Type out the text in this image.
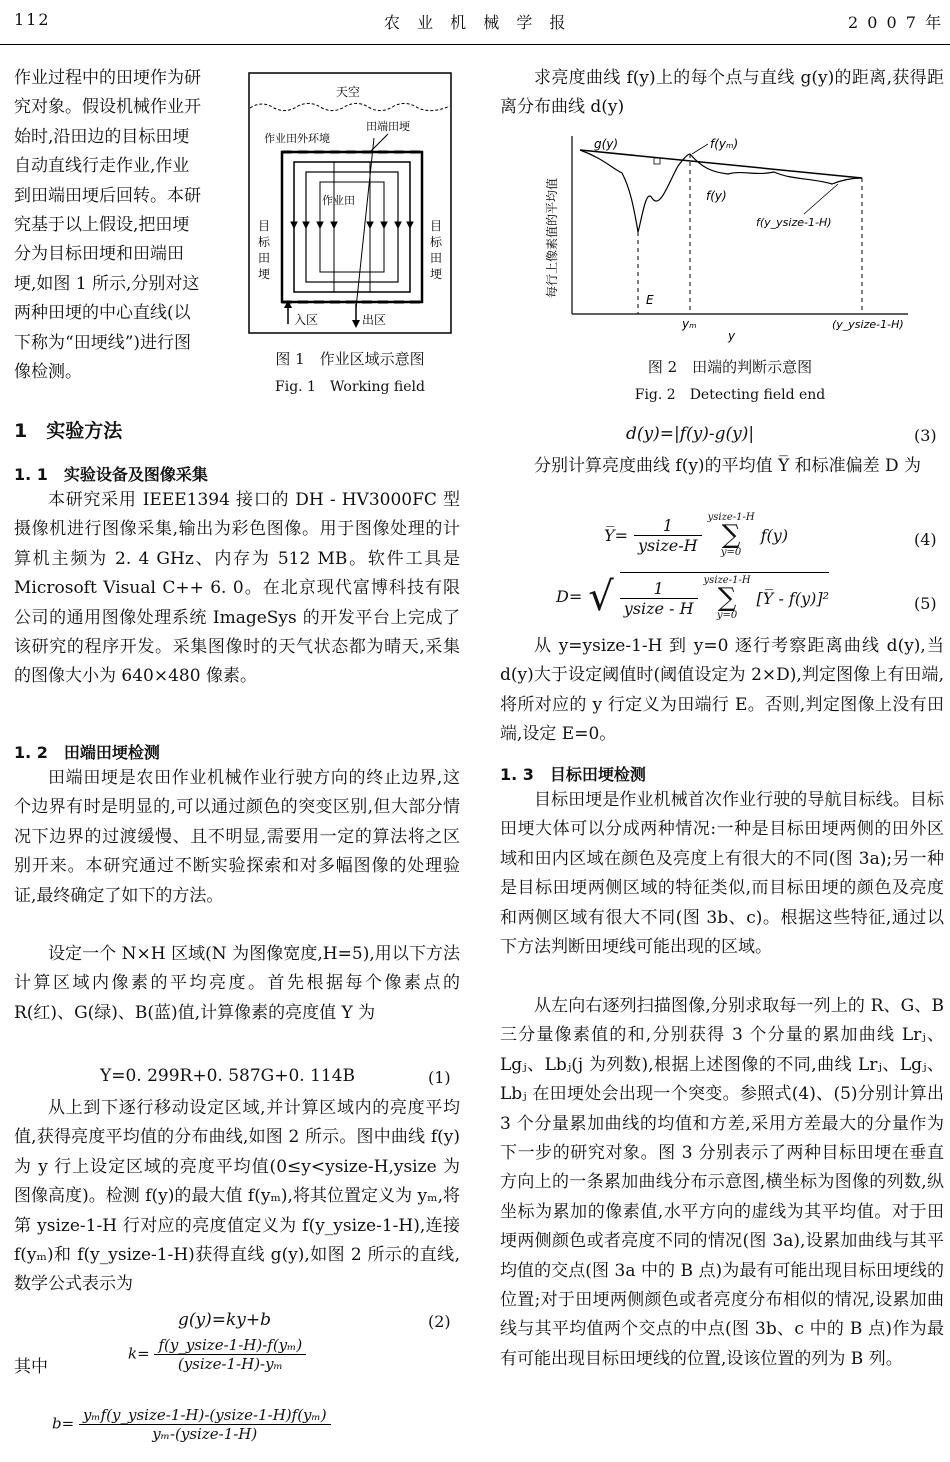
112	农 业 机 械 学 报	2 0 0 7 年

作业过程中的田埂作为研

究对象。假设机械作业开

始时,沿田边的目标田埂

自动直线行走作业,作业

到田端田埂后回转。本研

究基于以上假设,把田埂

分为目标田埂和田端田

埂,如图 1 所示,分别对这

两种田埂的中心直线(以

下称为“田埂线”)进行图

像检测。

天空
作业田外环境
田端田埂
作业田
目
标
田
埂
目
标
田
埂
入区	出区
图 1　作业区域示意图
Fig. 1　Working field
1　实验方法
1. 1　实验设备及图像采集
本研究采用 IEEE1394 接口的 DH - HV3000FC 型摄像机进行图像采集,输出为彩色图像。用于图像处理的计算机主频为 2. 4 GHz、内存为 512 MB。软件工具是 Microsoft Visual C++ 6. 0。在北京现代富博科技有限公司的通用图像处理系统 ImageSys 的开发平台上完成了该研究的程序开发。采集图像时的天气状态都为晴天,采集的图像大小为 640×480 像素。
1. 2　田端田埂检测
田端田埂是农田作业机械作业行驶方向的终止边界,这个边界有时是明显的,可以通过颜色的突变区别,但大部分情况下边界的过渡缓慢、且不明显,需要用一定的算法将之区别开来。本研究通过不断实验探索和对多幅图像的处理验证,最终确定了如下的方法。
设定一个 N×H 区域(N 为图像宽度,H=5),用以下方法计算区域内像素的平均亮度。首先根据每个像素点的 R(红)、G(绿)、B(蓝)值,计算像素的亮度值 Y 为
Y=0. 299R+0. 587G+0. 114B	(1)
从上到下逐行移动设定区域,并计算区域内的亮度平均值,获得亮度平均值的分布曲线,如图 2 所示。图中曲线 f(y)为 y 行上设定区域的亮度平均值(0≤y<ysize-H,ysize 为图像高度)。检测 f(y)的最大值 f(yₘ),将其位置定义为 yₘ,将第 ysize-1-H 行对应的亮度值定义为 f(y_ysize-1-H),连接 f(yₘ)和 f(y_ysize-1-H)获得直线 g(y),如图 2 所示的直线,数学公式表示为
g(y)=ky+b	(2)
其中
$k= \frac{\text{f(y\_ysize-1-H)-f(yₘ)}}{\text{(ysize-1-H)-yₘ}}$
$b= \frac{\text{yₘf(y\_ysize-1-H)-(ysize-1-H)f(yₘ)}}{\text{yₘ-(ysize-1-H)}}$
求亮度曲线 f(y)上的每个点与直线 g(y)的距离,获得距离分布曲线 d(y)
每行上像素值的平均值
g(y)	f(yₘ)
f(y)
f(y_ysize-1-H)
E
yₘ
y
(y_ysize-1-H)
图 2　田端的判断示意图
Fig. 2　Detecting field end
d(y)=|f(y)-g(y)|	(3)
分别计算亮度曲线 f(y)的平均值 Y̅ 和标准偏差 D 为
Y̅= $\frac{1}{\text{ysize-H}}$ ysize-1-H
∑
y=0
f(y)	(4)
D= √ $\frac{1}{\text{ysize - H}}$ ysize-1-H
∑
y=0
[Y̅ - f(y)]²	(5)
从 y=ysize-1-H 到 y=0 逐行考察距离曲线 d(y),当 d(y)大于设定阈值时(阈值设定为 2×D),判定图像上有田端,将所对应的 y 行定义为田端行 E。否则,判定图像上没有田端,设定 E=0。
1. 3　目标田埂检测
目标田埂是作业机械首次作业行驶的导航目标线。目标田埂大体可以分成两种情况:一种是目标田埂两侧的田外区域和田内区域在颜色及亮度上有很大的不同(图 3a);另一种是目标田埂两侧区域的特征类似,而目标田埂的颜色及亮度和两侧区域有很大不同(图 3b、c)。根据这些特征,通过以下方法判断田埂线可能出现的区域。
从左向右逐列扫描图像,分别求取每一列上的 R、G、B 三分量像素值的和,分别获得 3 个分量的累加曲线 Lrⱼ、Lgⱼ、Lbⱼ(j 为列数),根据上述图像的不同,曲线 Lrⱼ、Lgⱼ、Lbⱼ 在田埂处会出现一个突变。参照式(4)、(5)分别计算出 3 个分量累加曲线的均值和方差,采用方差最大的分量作为下一步的研究对象。图 3 分别表示了两种目标田埂在垂直方向上的一条累加曲线分布示意图,横坐标为图像的列数,纵坐标为累加的像素值,水平方向的虚线为其平均值。对于田埂两侧颜色或者亮度不同的情况(图 3a),设累加曲线与其平均值的交点(图 3a 中的 B 点)为最有可能出现目标田埂线的位置;对于田埂两侧颜色或者亮度分布相似的情况,设累加曲线与其平均值两个交点的中点(图 3b、c 中的 B 点)作为最有可能出现目标田埂线的位置,设该位置的列为 B 列。
